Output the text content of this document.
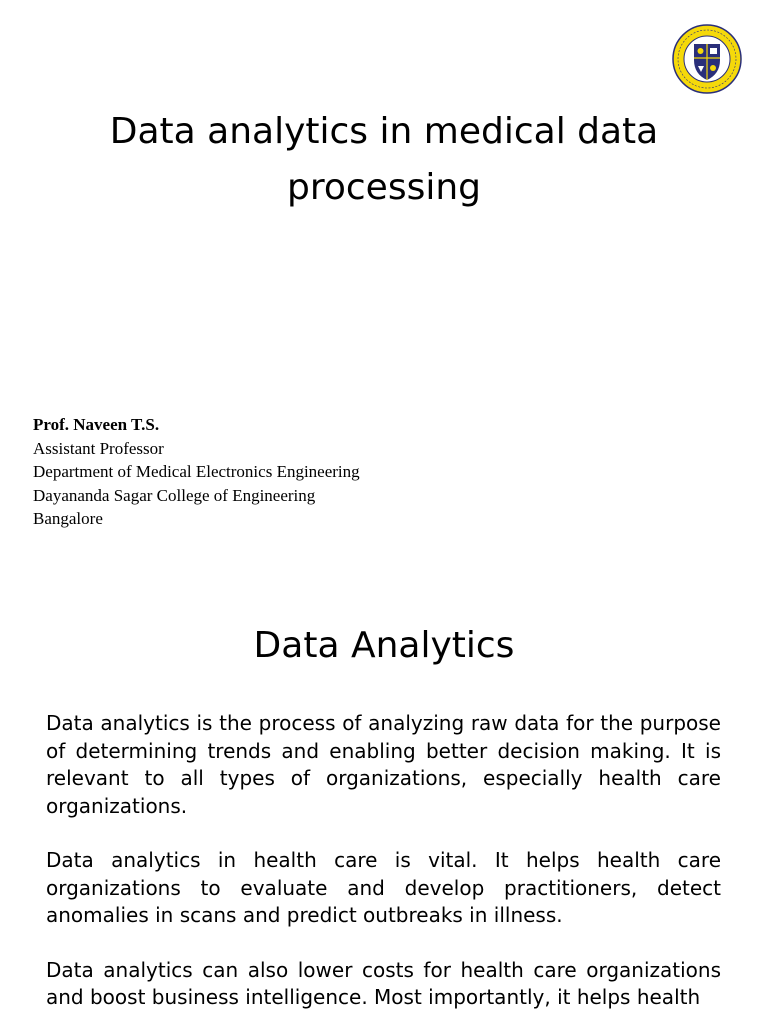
Data analytics in medical data processing
Prof. Naveen T.S.
Assistant Professor
Department of Medical Electronics Engineering
Dayananda Sagar College of Engineering
Bangalore
Data Analytics

Data analytics is the process of analyzing raw data for the purpose of determining trends and enabling better decision making. It is relevant to all types of organizations, especially health care organizations.

Data analytics in health care is vital. It helps health care organizations to evaluate and develop practitioners, detect anomalies in scans and predict outbreaks in illness.

Data analytics can also lower costs for health care organizations and boost business intelligence. Most importantly, it helps health
